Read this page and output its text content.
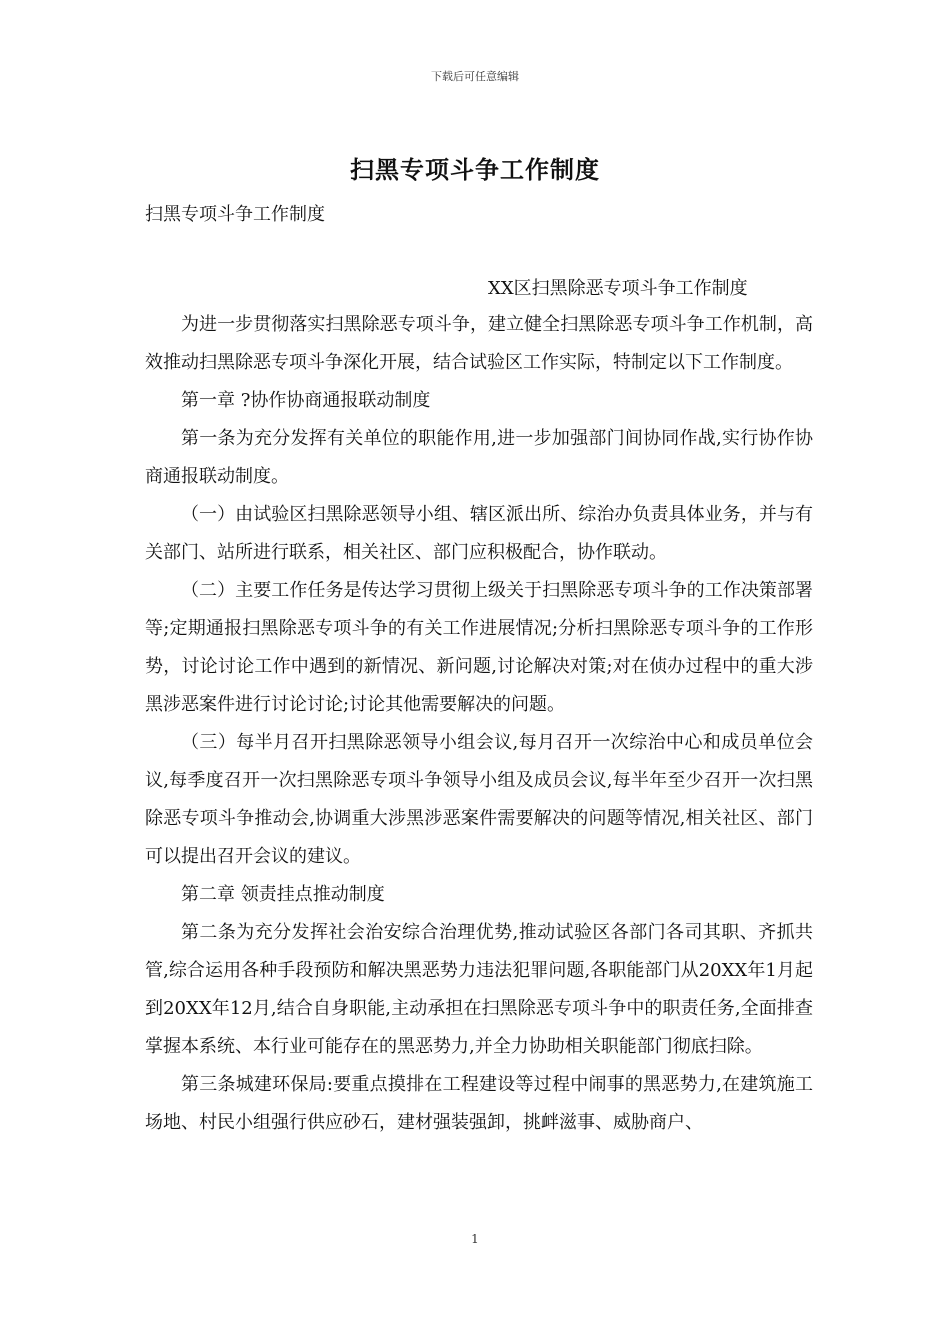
下载后可任意编辑
扫黑专项斗争工作制度
扫黑专项斗争工作制度
XX区扫黑除恶专项斗争工作制度

为进一步贯彻落实扫黑除恶专项斗争，建立健全扫黑除恶专项斗争工作机制，高效推动扫黑除恶专项斗争深化开展，结合试验区工作实际，特制定以下工作制度。

第一章 ?协作协商通报联动制度

第一条为充分发挥有关单位的职能作用,进一步加强部门间协同作战,实行协作协商通报联动制度。

（一）由试验区扫黑除恶领导小组、辖区派出所、综治办负责具体业务，并与有关部门、站所进行联系，相关社区、部门应积极配合，协作联动。

（二）主要工作任务是传达学习贯彻上级关于扫黑除恶专项斗争的工作决策部署等;定期通报扫黑除恶专项斗争的有关工作进展情况;分析扫黑除恶专项斗争的工作形势，讨论讨论工作中遇到的新情况、新问题,讨论解决对策;对在侦办过程中的重大涉黑涉恶案件进行讨论讨论;讨论其他需要解决的问题。

（三）每半月召开扫黑除恶领导小组会议,每月召开一次综治中心和成员单位会议,每季度召开一次扫黑除恶专项斗争领导小组及成员会议,每半年至少召开一次扫黑除恶专项斗争推动会,协调重大涉黑涉恶案件需要解决的问题等情况,相关社区、部门可以提出召开会议的建议。

第二章 领责挂点推动制度

第二条为充分发挥社会治安综合治理优势,推动试验区各部门各司其职、齐抓共管,综合运用各种手段预防和解决黑恶势力违法犯罪问题,各职能部门从20XX年1月起到20XX年12月,结合自身职能,主动承担在扫黑除恶专项斗争中的职责任务,全面排查掌握本系统、本行业可能存在的黑恶势力,并全力协助相关职能部门彻底扫除。

第三条城建环保局:要重点摸排在工程建设等过程中闹事的黑恶势力,在建筑施工场地、村民小组强行供应砂石，建材强装强卸，挑衅滋事、威胁商户、

1
